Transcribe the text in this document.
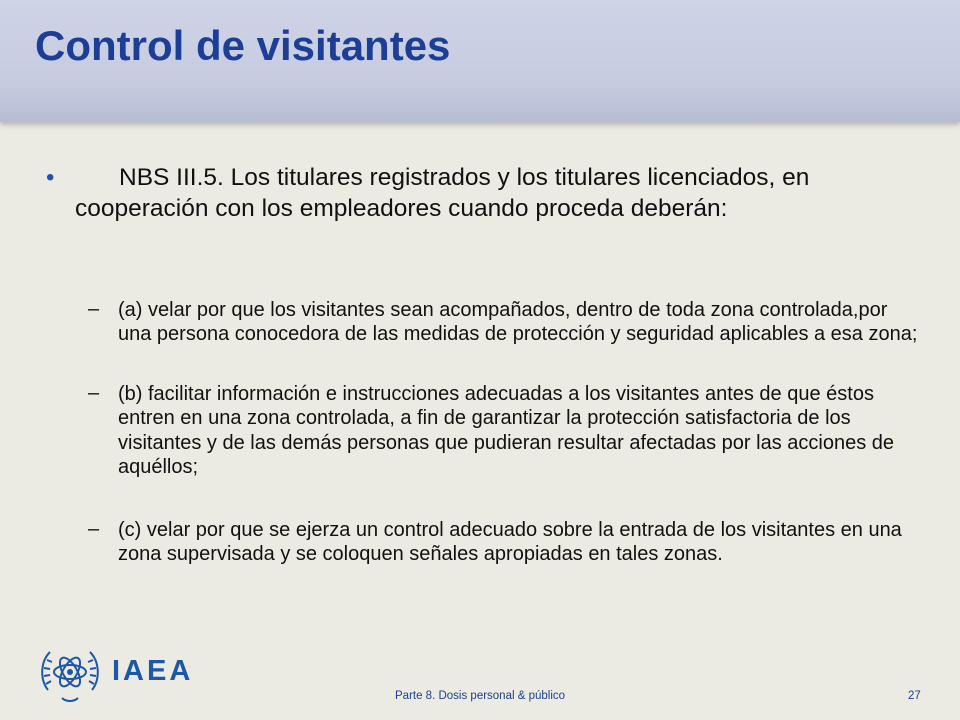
Control de visitantes
•	NBS III.5. Los titulares registrados y los titulares licenciados, en cooperación con los empleadores cuando proceda deberán:

– (a) velar por que los visitantes sean acompañados, dentro de toda zona controlada,por una persona conocedora de las medidas de protección y seguridad aplicables a esa zona;

– (b) facilitar información e instrucciones adecuadas a los visitantes antes de que éstos entren en una zona controlada, a fin de garantizar la protección satisfactoria de los visitantes y de las demás personas que pudieran resultar afectadas por las acciones de aquéllos;

– (c) velar por que se ejerza un control adecuado sobre la entrada de los visitantes en una zona supervisada y se coloquen señales apropiadas en tales zonas.

IAEA
Parte 8. Dosis personal & público	27
